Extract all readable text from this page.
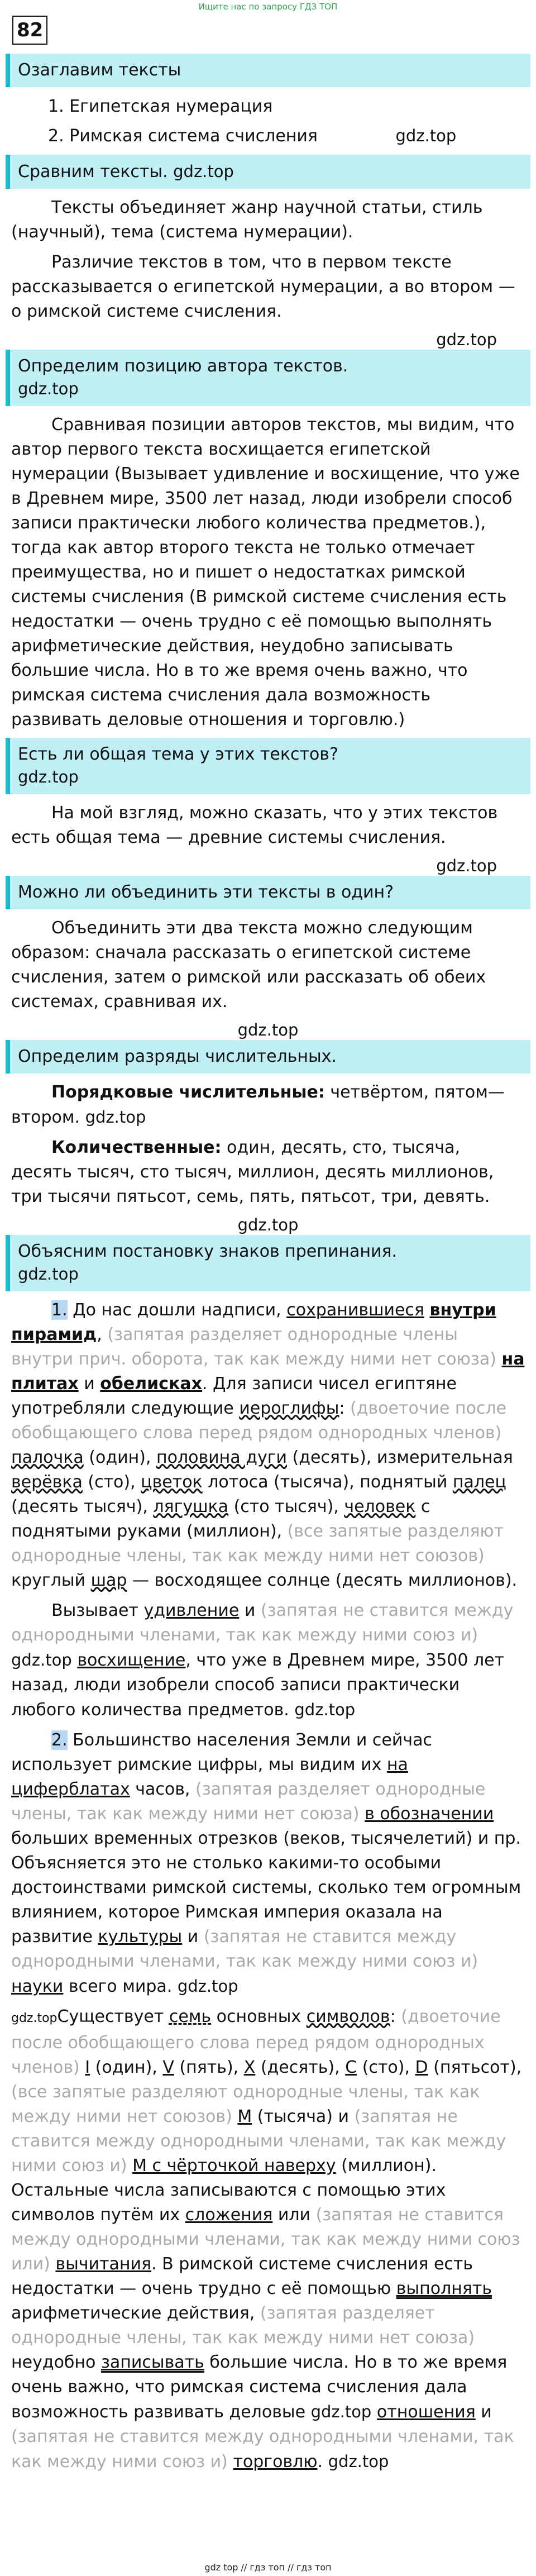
Ищите нас по запросу ГДЗ ТОП
82
Озаглавим тексты
1. Египетская нумерация
2. Римская система счисления	gdz.top
Сравним тексты. gdz.top

Тексты объединяет жанр научной статьи, стиль (научный), тема (система нумерации).

Различие текстов в том, что в первом тексте рассказывается о египетской нумерации, а во втором — о римской системе счисления.

gdz.top
Определим позицию автора текстов.
gdz.top

Сравнивая позиции авторов текстов, мы видим, что автор первого текста восхищается египетской нумерации (Вызывает удивление и восхищение, что уже в Древнем мире, 3500 лет назад, люди изобрели способ записи практически любого количества предметов.), тогда как автор второго текста не только отмечает преимущества, но и пишет о недостатках римской системы счисления (В римской системе счисления есть недостатки — очень трудно с её помощью выполнять арифметические действия, неудобно записывать большие числа. Но в то же время очень важно, что римская система счисления дала возможность развивать деловые отношения и торговлю.)

Есть ли общая тема у этих текстов?
gdz.top

На мой взгляд, можно сказать, что у этих текстов есть общая тема — древние системы счисления.

gdz.top
Можно ли объединить эти тексты в один?

Объединить эти два текста можно следующим образом: сначала рассказать о египетской системе счисления, затем о римской или рассказать об обеих системах, сравнивая их.

gdz.top
Определим разряды числительных.

Порядковые числительные: четвёртом, пятом— втором. gdz.top

Количественные: один, десять, сто, тысяча, десять тысяч, сто тысяч, миллион, десять миллионов, три тысячи пятьсот, семь, пять, пятьсот, три, девять.

gdz.top
Объясним постановку знаков препинания.
gdz.top

1. До нас дошли надписи, сохранившиеся внутри пирамид, (запятая разделяет однородные члены внутри прич. оборота, так как между ними нет союза) на плитах и обелисках. Для записи чисел египтяне употребляли следующие иероглифы: (двоеточие после обобщающего слова перед рядом однородных членов) палочка (один), половина дуги (десять), измерительная верёвка (сто), цветок лотоса (тысяча), поднятый палец (десять тысяч), лягушка (сто тысяч), человек с поднятыми руками (миллион), (все запятые разделяют однородные члены, так как между ними нет союзов) круглый шар — восходящее солнце (десять миллионов).

Вызывает удивление и (запятая не ставится между однородными членами, так как между ними союз и) gdz.top восхищение, что уже в Древнем мире, 3500 лет назад, люди изобрели способ записи практически любого количества предметов. gdz.top

2. Большинство населения Земли и сейчас использует римские цифры, мы видим их на циферблатах часов, (запятая разделяет однородные члены, так как между ними нет союза) в обозначении больших временных отрезков (веков, тысячелетий) и пр. Объясняется это не столько какими-то особыми достоинствами римской системы, сколько тем огромным влиянием, которое Римская империя оказала на развитие культуры и (запятая не ставится между однородными членами, так как между ними союз и) науки всего мира. gdz.top

gdz.topСуществует семь основных символов: (двоеточие после обобщающего слова перед рядом однородных членов) I (один), V (пять), X (десять), C (сто), D (пятьсот), (все запятые разделяют однородные члены, так как между ними нет союзов) M (тысяча) и (запятая не ставится между однородными членами, так как между ними союз и) M с чёрточкой наверху (миллион). Остальные числа записываются с помощью этих символов путём их сложения или (запятая не ставится между однородными членами, так как между ними союз или) вычитания. В римской системе счисления есть недостатки — очень трудно с её помощью выполнять арифметические действия, (запятая разделяет однородные члены, так как между ними нет союза) неудобно записывать большие числа. Но в то же время очень важно, что римская система счисления дала возможность развивать деловые gdz.top отношения и (запятая не ставится между однородными членами, так как между ними союз и) торговлю. gdz.top

gdz top // гдз топ // гдз топ
